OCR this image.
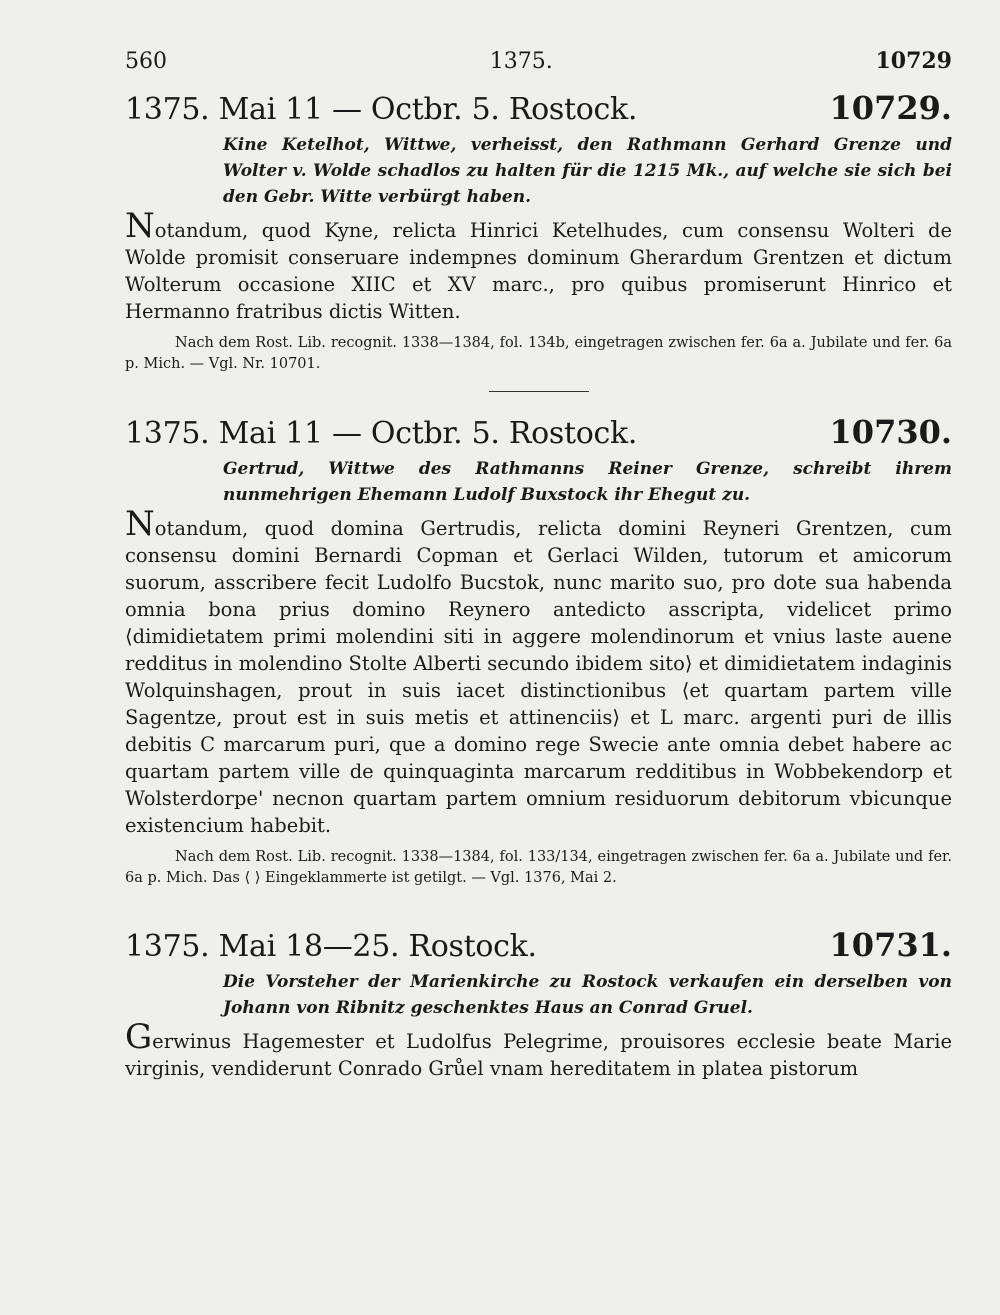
560	1375.	10729
1375. Mai 11 — Octbr. 5. Rostock.	10729.
Kine Ketelhot, Wittwe, verheisst, den Rathmann Gerhard Grenze und Wolter v. Wolde schadlos zu halten für die 1215 Mk., auf welche sie sich bei den Gebr. Witte verbürgt haben.
Notandum, quod Kyne, relicta Hinrici Ketelhudes, cum consensu Wolteri de Wolde promisit conseruare indempnes dominum Gherardum Grentzen et dictum Wolterum occasione XIIC et XV marc., pro quibus promiserunt Hinrico et Hermanno fratribus dictis Witten.
Nach dem Rost. Lib. recognit. 1338—1384, fol. 134b, eingetragen zwischen fer. 6a a. Jubilate und fer. 6a p. Mich. — Vgl. Nr. 10701.
1375. Mai 11 — Octbr. 5. Rostock.	10730.
Gertrud, Wittwe des Rathmanns Reiner Grenze, schreibt ihrem nunmehrigen Ehemann Ludolf Buxstock ihr Ehegut zu.
Notandum, quod domina Gertrudis, relicta domini Reyneri Grentzen, cum consensu domini Bernardi Copman et Gerlaci Wilden, tutorum et amicorum suorum, asscribere fecit Ludolfo Bucstok, nunc marito suo, pro dote sua habenda omnia bona prius domino Reynero antedicto asscripta, videlicet primo ⟨dimidietatem primi molendini siti in aggere molendinorum et vnius laste auene redditus in molendino Stolte Alberti secundo ibidem sito⟩ et dimidietatem indaginis Wolquinshagen, prout in suis iacet distinctionibus ⟨et quartam partem ville Sagentze, prout est in suis metis et attinenciis⟩ et L marc. argenti puri de illis debitis C marcarum puri, que a domino rege Swecie ante omnia debet habere ac quartam partem ville de quinquaginta marcarum redditibus in Wobbekendorp et Wolsterdorpe' necnon quartam partem omnium residuorum debitorum vbicunque existencium habebit.
Nach dem Rost. Lib. recognit. 1338—1384, fol. 133/134, eingetragen zwischen fer. 6a a. Jubilate und fer. 6a p. Mich. Das ⟨ ⟩ Eingeklammerte ist getilgt. — Vgl. 1376, Mai 2.
1375. Mai 18—25. Rostock.	10731.
Die Vorsteher der Marienkirche zu Rostock verkaufen ein derselben von Johann von Ribnitz geschenktes Haus an Conrad Gruel.
Gerwinus Hagemester et Ludolfus Pelegrime, prouisores ecclesie beate Marie virginis, vendiderunt Conrado Grůel vnam hereditatem in platea pistorum
